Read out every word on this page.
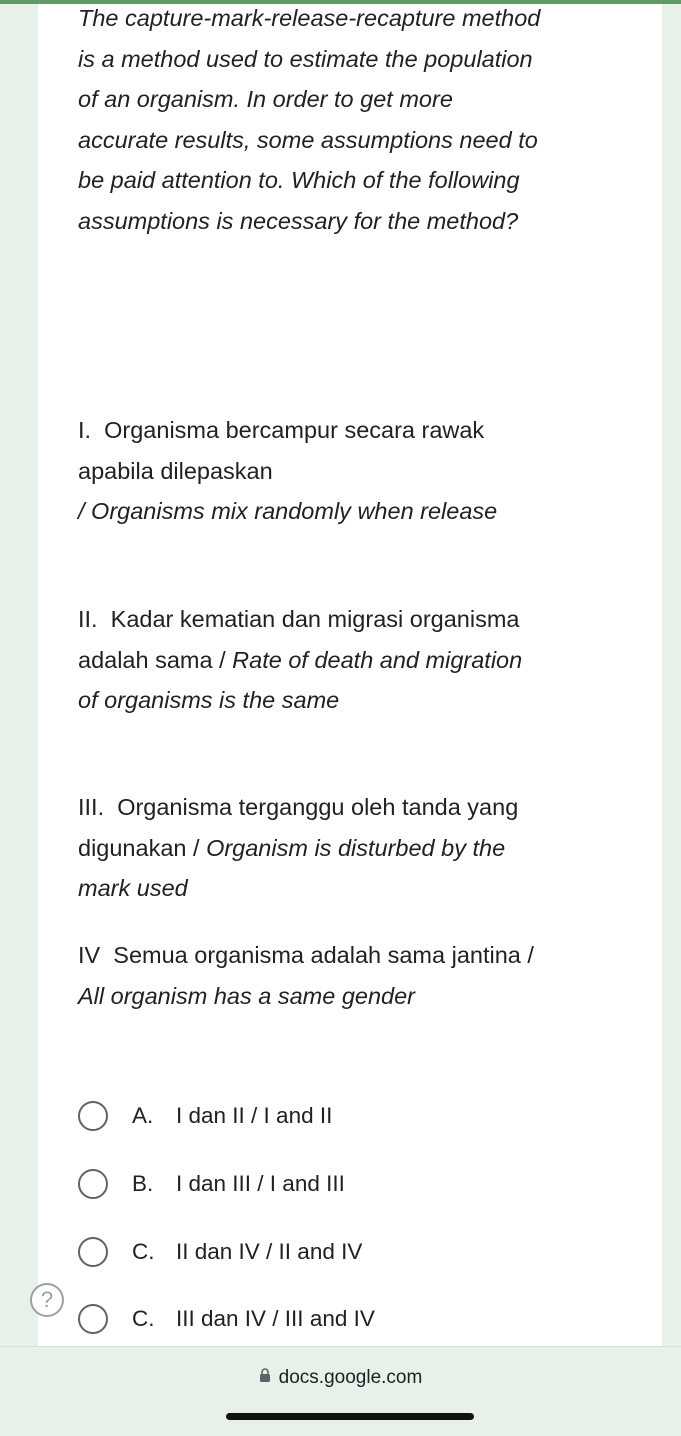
The capture-mark-release-recapture method is a method used to estimate the population of an organism. In order to get more accurate results, some assumptions need to be paid attention to. Which of the following assumptions is necessary for the method?
I. Organisma bercampur secara rawak apabila dilepaskan
/ Organisms mix randomly when release
II. Kadar kematian dan migrasi organisma adalah sama / Rate of death and migration of organisms is the same
III. Organisma terganggu oleh tanda yang digunakan / Organism is disturbed by the mark used
IV Semua organisma adalah sama jantina / All organism has a same gender
A.	I dan II / I and II
B.	I dan III / I and III
C. II dan IV / II and IV
C. III dan IV / III and IV
?
docs.google.com
